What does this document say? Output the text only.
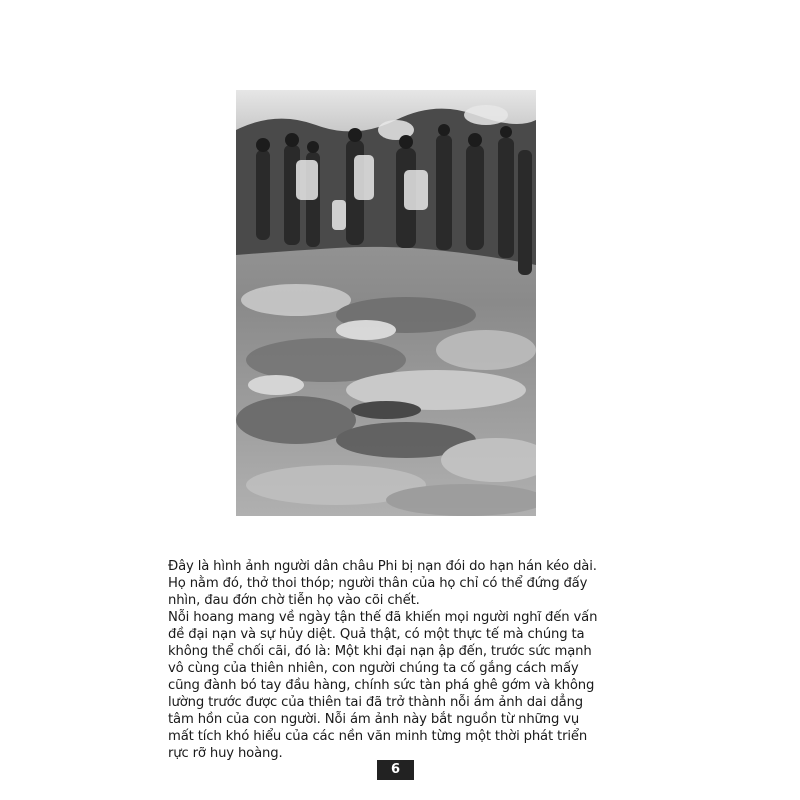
Đây là hình ảnh người dân châu Phi bị nạn đói do hạn hán kéo dài. Họ nằm đó, thở thoi thóp; người thân của họ chỉ có thể đứng đấy nhìn, đau đớn chờ tiễn họ vào cõi chết.

Nỗi hoang mang về ngày tận thế đã khiến mọi người nghĩ đến vấn đề đại nạn và sự hủy diệt. Quả thật, có một thực tế mà chúng ta không thể chối cãi, đó là: Một khi đại nạn ập đến, trước sức mạnh vô cùng của thiên nhiên, con người chúng ta cố gắng cách mấy cũng đành bó tay đầu hàng, chính sức tàn phá ghê gớm và không lường trước được của thiên tai đã trở thành nỗi ám ảnh dai dẳng tâm hồn của con người. Nỗi ám ảnh này bắt nguồn từ những vụ mất tích khó hiểu của các nền văn minh từng một thời phát triển rực rỡ huy hoàng.

6
